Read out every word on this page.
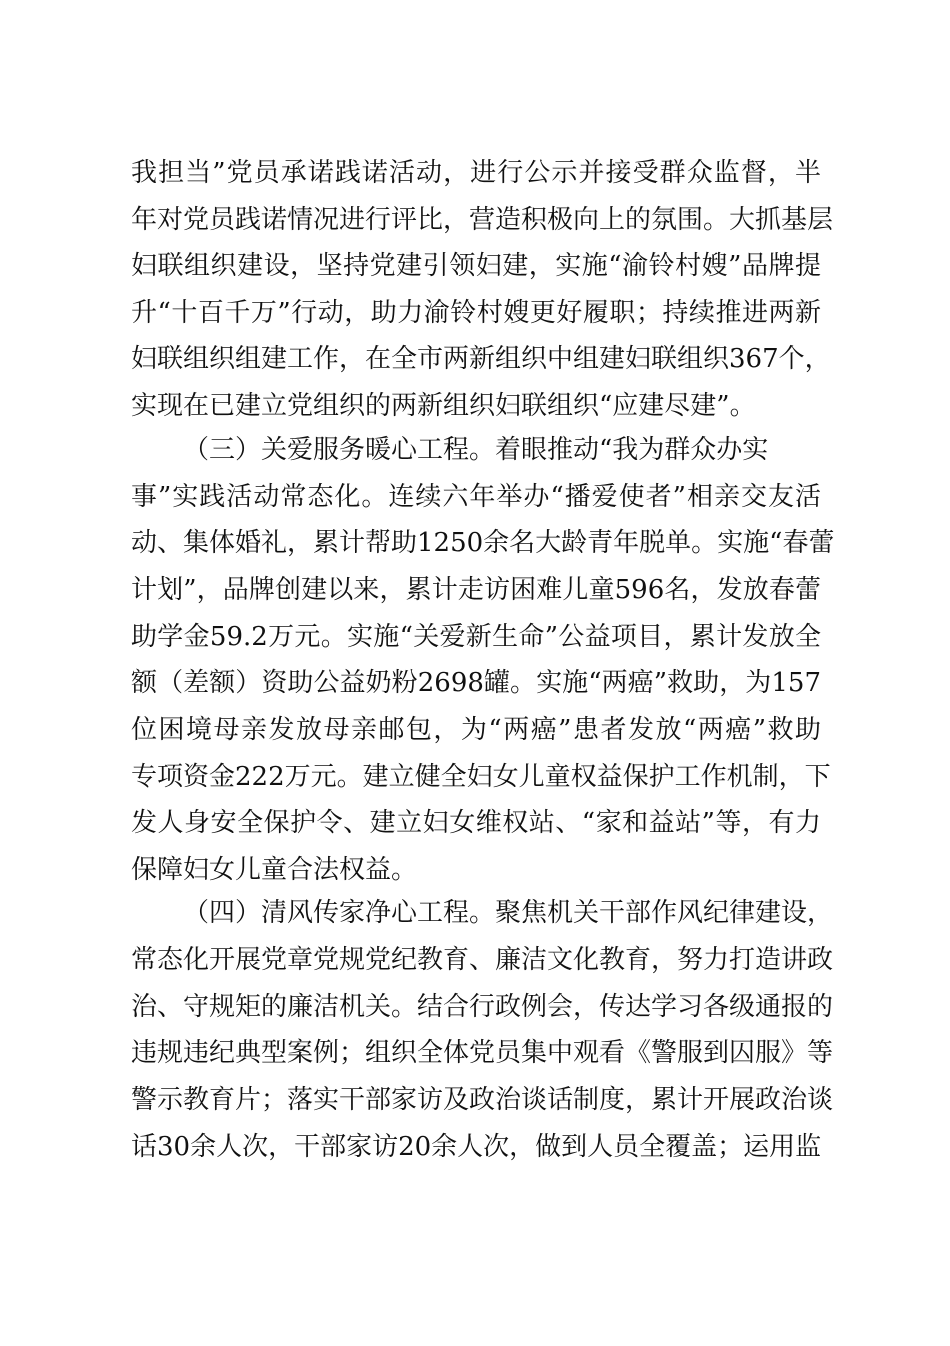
我担当”党员承诺践诺活动，进行公示并接受群众监督，半
年对党员践诺情况进行评比，营造积极向上的氛围。大抓基层
妇联组织建设，坚持党建引领妇建，实施“渝铃村嫂”品牌提
升“十百千万”行动，助力渝铃村嫂更好履职；持续推进两新
妇联组织组建工作，在全市两新组织中组建妇联组织367个，
实现在已建立党组织的两新组织妇联组织“应建尽建”。
（三）关爱服务暖心工程。着眼推动“我为群众办实
事”实践活动常态化。连续六年举办“播爱使者”相亲交友活
动、集体婚礼，累计帮助1250余名大龄青年脱单。实施“春蕾
计划”，品牌创建以来，累计走访困难儿童596名，发放春蕾
助学金59.2万元。实施“关爱新生命”公益项目，累计发放全
额（差额）资助公益奶粉2698罐。实施“两癌”救助，为157
位困境母亲发放母亲邮包，为“两癌”患者发放“两癌”救助
专项资金222万元。建立健全妇女儿童权益保护工作机制，下
发人身安全保护令、建立妇女维权站、“家和益站”等，有力
保障妇女儿童合法权益。
（四）清风传家净心工程。聚焦机关干部作风纪律建设，
常态化开展党章党规党纪教育、廉洁文化教育，努力打造讲政
治、守规矩的廉洁机关。结合行政例会，传达学习各级通报的
违规违纪典型案例；组织全体党员集中观看《警服到囚服》等
警示教育片；落实干部家访及政治谈话制度，累计开展政治谈
话30余人次，干部家访20余人次，做到人员全覆盖；运用监
